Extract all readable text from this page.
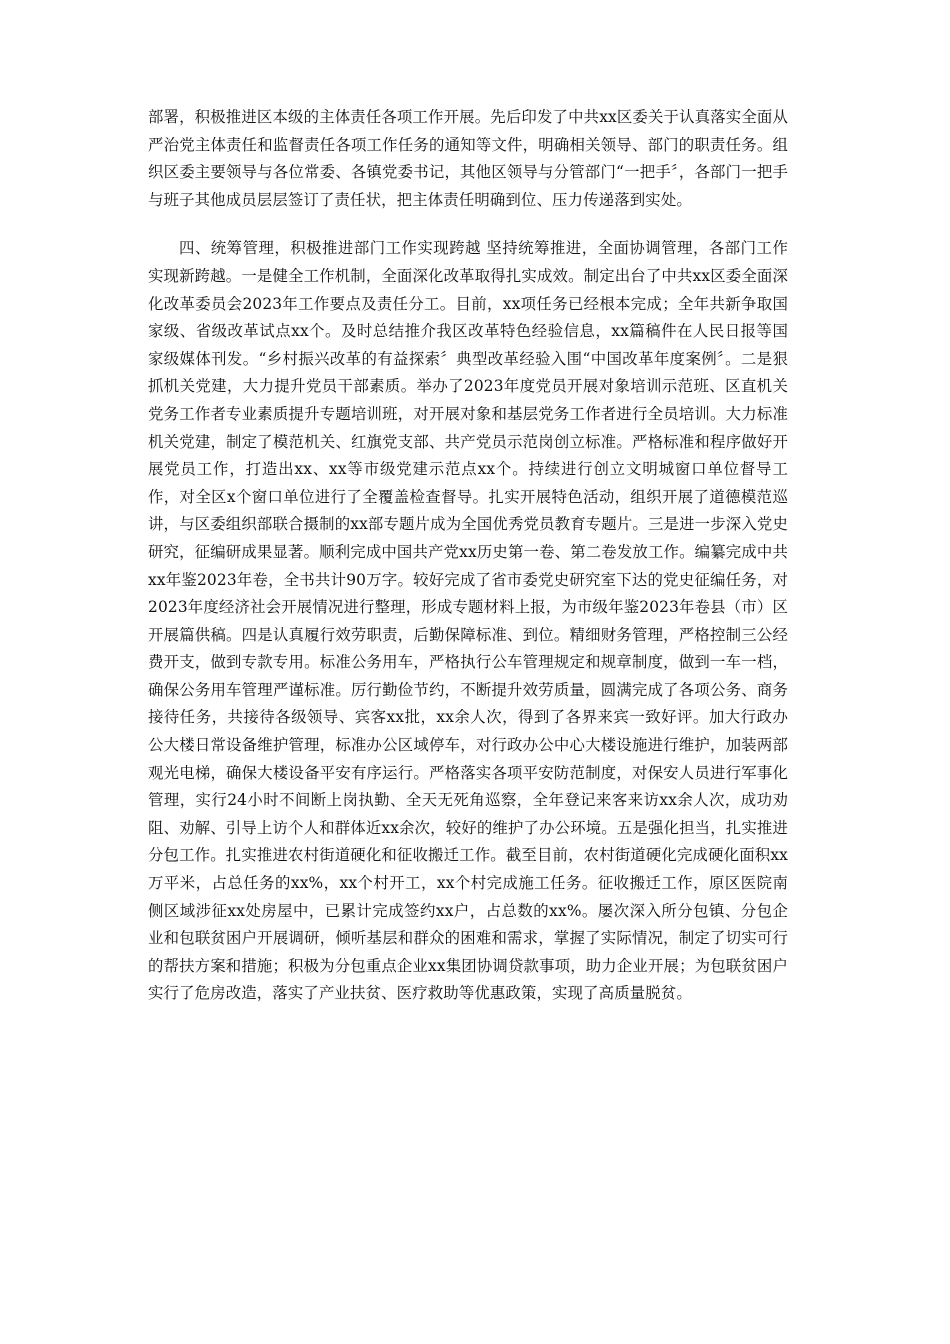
部署，积极推进区本级的主体责任各项工作开展。先后印发了中共xx区委关于认真落实全面从严治党主体责任和监督责任各项工作任务的通知等文件，明确相关领导、部门的职责任务。组织区委主要领导与各位常委、各镇党委书记，其他区领导与分管部门“一把手〞，各部门一把手与班子其他成员层层签订了责任状，把主体责任明确到位、压力传递落到实处。

四、统筹管理，积极推进部门工作实现跨越 坚持统筹推进，全面协调管理，各部门工作实现新跨越。一是健全工作机制，全面深化改革取得扎实成效。制定出台了中共xx区委全面深化改革委员会2023年工作要点及责任分工。目前，xx项任务已经根本完成；全年共新争取国家级、省级改革试点xx个。及时总结推介我区改革特色经验信息，xx篇稿件在人民日报等国家级媒体刊发。“乡村振兴改革的有益探索〞典型改革经验入围“中国改革年度案例〞。二是狠抓机关党建，大力提升党员干部素质。举办了2023年度党员开展对象培训示范班、区直机关党务工作者专业素质提升专题培训班，对开展对象和基层党务工作者进行全员培训。大力标准机关党建，制定了模范机关、红旗党支部、共产党员示范岗创立标准。严格标准和程序做好开展党员工作，打造出xx、xx等市级党建示范点xx个。持续进行创立文明城窗口单位督导工作，对全区x个窗口单位进行了全覆盖检查督导。扎实开展特色活动，组织开展了道德模范巡讲，与区委组织部联合摄制的xx部专题片成为全国优秀党员教育专题片。三是进一步深入党史研究，征编研成果显著。顺利完成中国共产党xx历史第一卷、第二卷发放工作。编纂完成中共xx年鉴2023年卷，全书共计90万字。较好完成了省市委党史研究室下达的党史征编任务，对2023年度经济社会开展情况进行整理，形成专题材料上报，为市级年鉴2023年卷县（市）区开展篇供稿。四是认真履行效劳职责，后勤保障标准、到位。精细财务管理，严格控制三公经费开支，做到专款专用。标准公务用车，严格执行公车管理规定和规章制度，做到一车一档，确保公务用车管理严谨标准。厉行勤俭节约，不断提升效劳质量，圆满完成了各项公务、商务接待任务，共接待各级领导、宾客xx批，xx余人次，得到了各界来宾一致好评。加大行政办公大楼日常设备维护管理，标准办公区域停车，对行政办公中心大楼设施进行维护，加装两部观光电梯，确保大楼设备平安有序运行。严格落实各项平安防范制度，对保安人员进行军事化管理，实行24小时不间断上岗执勤、全天无死角巡察，全年登记来客来访xx余人次，成功劝阻、劝解、引导上访个人和群体近xx余次，较好的维护了办公环境。五是强化担当，扎实推进分包工作。扎实推进农村街道硬化和征收搬迁工作。截至目前，农村街道硬化完成硬化面积xx万平米，占总任务的xx%，xx个村开工，xx个村完成施工任务。征收搬迁工作，原区医院南侧区域涉征xx处房屋中，已累计完成签约xx户，占总数的xx%。屡次深入所分包镇、分包企业和包联贫困户开展调研，倾听基层和群众的困难和需求，掌握了实际情况，制定了切实可行的帮扶方案和措施；积极为分包重点企业xx集团协调贷款事项，助力企业开展；为包联贫困户实行了危房改造，落实了产业扶贫、医疗救助等优惠政策，实现了高质量脱贫。
